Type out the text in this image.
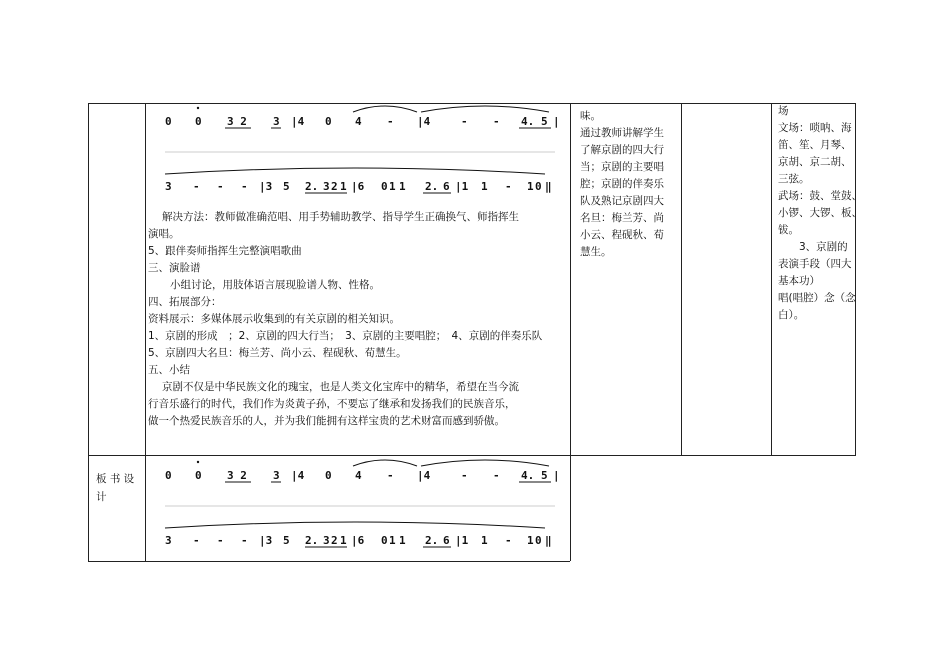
0 0 3 2 3 |4 0 4 - |4	- - 4. 5 |
3 - - - |3 5 2. 3 2 1 |6 0 1 1 2. 6 |1 1 - 1 0 ‖
解决方法：教师做准确范唱、用手势辅助教学、指导学生正确换气、师指挥生
演唱。
5、跟伴奏师指挥生完整演唱歌曲
三、演脸谱
小组讨论，用肢体语言展现脸谱人物、性格。
四、拓展部分：
资料展示：多媒体展示收集到的有关京剧的相关知识。
1、京剧的形成　；2、京剧的四大行当；　3、京剧的主要唱腔；　4、京剧的伴奏乐队
5、京剧四大名旦：梅兰芳、尚小云、程砚秋、荀慧生。
五、小结
京剧不仅是中华民族文化的瑰宝，也是人类文化宝库中的精华，希望在当今流
行音乐盛行的时代，我们作为炎黄子孙，不要忘了继承和发扬我们的民族音乐，
做一个热爱民族音乐的人，并为我们能拥有这样宝贵的艺术财富而感到骄傲。
味。
通过教师讲解学生
了解京剧的四大行
当；京剧的主要唱
腔；京剧的伴奏乐
队及熟记京剧四大
名旦：梅兰芳、尚
小云、程砚秋、荀
慧生。
场
文场：唢呐、海
笛、笙、月琴、
京胡、京二胡、
三弦。
武场：鼓、堂鼓、
小锣、大锣、板、
钹。
　　3、京剧的
表演手段（四大
基本功）
唱(唱腔）念（念
白）。
板 书 设
计
0 0 3 2 3 |4 0 4 - |4	- - 4. 5 |
3 - - - |3 5 2. 3 2 1 |6 0 1 1 2. 6 |1 1 - 1 0 ‖
